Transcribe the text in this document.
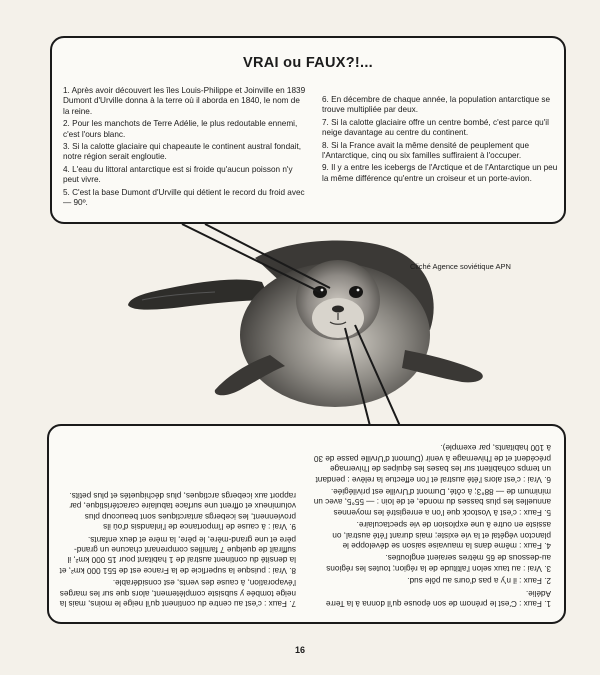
VRAI ou FAUX?!...

1. Après avoir découvert les îles Louis-Philippe et Joinville en 1839 Dumont d'Urville donna à la terre où il aborda en 1840, le nom de la reine.

2. Pour les manchots de Terre Adélie, le plus redoutable ennemi, c'est l'ours blanc.

3. Si la calotte glaciaire qui chapeaute le continent austral fondait, notre région serait engloutie.

4. L'eau du littoral antarctique est si froide qu'aucun poisson n'y peut vivre.

5. C'est la base Dumont d'Urville qui détient le record du froid avec — 90º.

6. En décembre de chaque année, la population antarctique se trouve multipliée par deux.

7. Si la calotte glaciaire offre un centre bombé, c'est parce qu'il neige davantage au centre du continent.

8. Si la France avait la même densité de peuplement que l'Antarctique, cinq ou six familles suffiraient à l'occuper.

9. Il y a entre les icebergs de l'Arctique et de l'Antarctique un peu la même différence qu'entre un croiseur et un porte-avion.

Cliché Agence soviétique APN

1. Faux : C'est le prénom de son épouse qu'il donna à la Terre Adélie.

2. Faux : il n'y a pas d'ours au pôle sud.

3. Vrai : au taux selon l'altitude de la région; toutes les régions au-dessous de 65 mètres seraient englouties.

4. Faux : même dans la mauvaise saison se développe le plancton végétal et la vie existe; mais durant l'été austral, on assiste en outre à une explosion de vie spectaculaire.

5. Faux : c'est à Vostock que l'on a enregistré les moyennes annuelles les plus basses du monde, et de loin : — 55°5, avec un minimum de — 88°3; à côté, Dumont d'Urville est privilégiée.

6. Vrai : c'est alors l'été austral et l'on effectue la relève : pendant un temps cohabitent sur les bases les équipes de l'hivernage précédent et de l'hivernage à venir (Dumont d'Urville passe de 30 à 100 habitants, par exemple).

7. Faux : c'est au centre du continent qu'il neige le moins, mais la neige tombée y subsiste complètement, alors que sur les marges l'évaporation, à cause des vents, est considérable.

8. Vrai : puisque la superficie de la France est de 551 000 km², et la densité du continent austral de 1 habitant pour 15 000 km², il suffirait de quelque 7 familles comprenant chacune un grand-père et une grand-mère, le père, la mère et deux enfants.

9. Vrai : à cause de l'importance de l'inlandsis d'où ils proviennent, les icebergs antarctiques sont beaucoup plus volumineux et offrent une surface tabulaire caractéristique, par rapport aux icebergs arctiques, plus déchiquetés et plus petits.

16
